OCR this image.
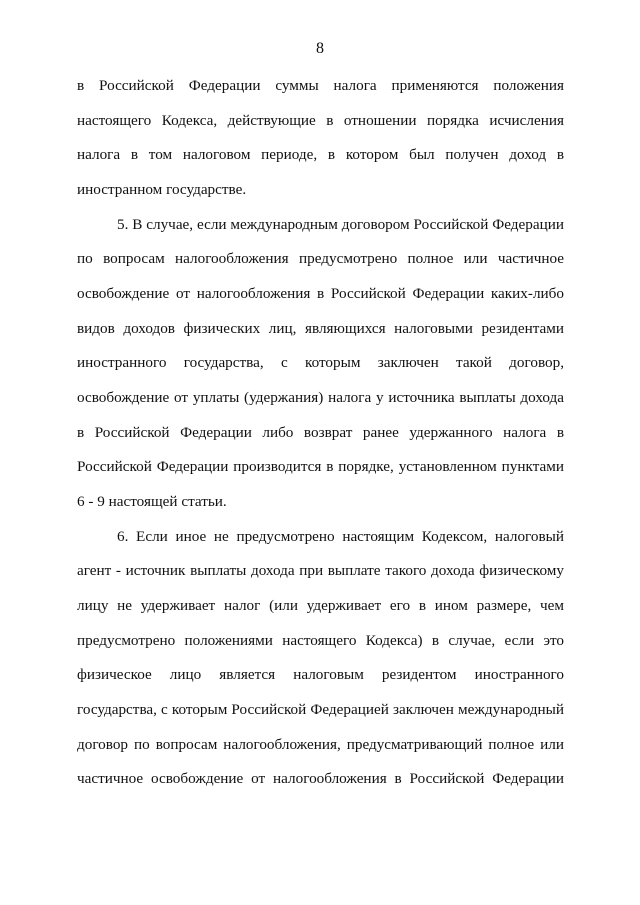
8
в Российской Федерации суммы налога применяются положения
настоящего Кодекса, действующие в отношении порядка исчисления
налога в том налоговом периоде, в котором был получен доход в
иностранном государстве.
5. В случае, если международным договором Российской Федерации
по вопросам налогообложения предусмотрено полное или частичное
освобождение от налогообложения в Российской Федерации каких-либо
видов доходов физических лиц, являющихся налоговыми резидентами
иностранного государства, с которым заключен такой договор,
освобождение от уплаты (удержания) налога у источника выплаты дохода
в Российской Федерации либо возврат ранее удержанного налога в
Российской Федерации производится в порядке, установленном пунктами
6 - 9 настоящей статьи.
6. Если иное не предусмотрено настоящим Кодексом, налоговый
агент - источник выплаты дохода при выплате такого дохода физическому
лицу не удерживает налог (или удерживает его в ином размере, чем
предусмотрено положениями настоящего Кодекса) в случае, если это
физическое лицо является налоговым резидентом иностранного
государства, с которым Российской Федерацией заключен международный
договор по вопросам налогообложения, предусматривающий полное или
частичное освобождение от налогообложения в Российской Федерации
